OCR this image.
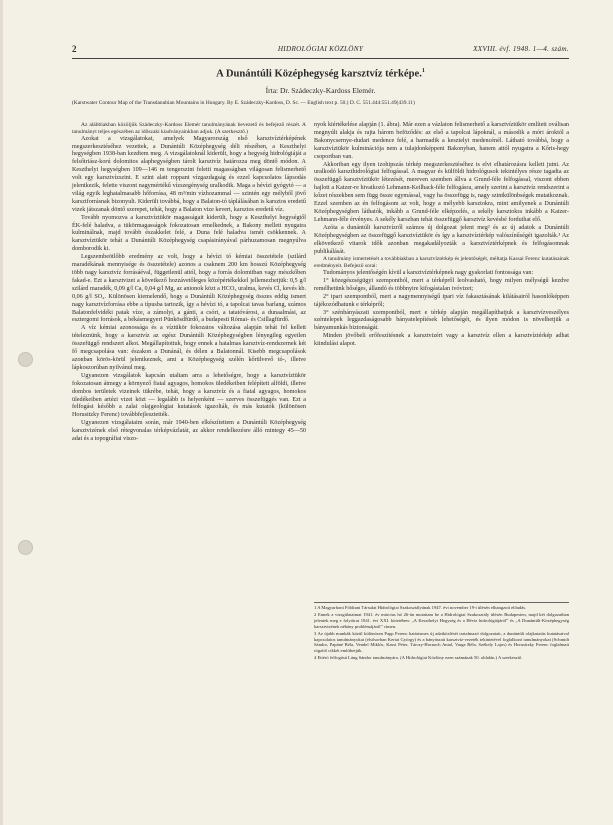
2	HIDROLÓGIAI KÖZLÖNY	XXVIII. évf. 1948. 1—4. szám.
A Dunántúli Középhegység karsztvíz térképe.$^1$
Írta: Dr. Szádeczky-Kardoss Elemér.
(Karstwater Contour Map of the Transdanubian Mountains in Hungary. By E. Szádeczky-Kardoss, D. Sc. — English text p. 50.) D. C. 551.444:551.49(439.11)

Az alábbiakban közöljük Szádeczky-Kardoss Elemér tanulmányának bevezető és befejező részét. A tanulmányt teljes egészében az időszaki kiadványainkban adjuk. (A szerkesztő.)

Azokat a vizsgálatokat, amelyek Magyarország első karsztvíztérképének megszerkesztéséhez vezettek, a Dunántúli Középhegység déli részében, a Keszthelyi hegységben 1938-ban kezdtem meg. A vizsgálatoknál kiderült, hogy a hegység hidrológiáját a felsőtriász-korú dolomitos alaphegységben tárolt karsztvíz határozza meg döntő módon. A Keszthelyi hegységben 109—146 m tengerszint feletti magasságban világosan felismerhető volt egy karsztvízszint. E szint alatt roppant vízgazdagság és ezzel kapcsolatos lápsodás jelentkezik, felette viszont nagymértékű vízszegénység uralkodik. Maga a hévízi gyógytó — a világ egyik leghatalmasabb hőforrása, 48 m³/min vízhozammal — szintén egy mélyből jövő karsztforrásnak bizonyult. Kiderült továbbá, hogy a Balaton-tó táplálásában is karsztos eredetű vizek játszanak döntő szerepet, tehát, hogy a Balaton vize kevert, karsztos eredetű víz.

Tovább nyomozva a karsztvíztükör magasságait kiderült, hogy a Keszthelyi hegységtől ÉK-felé haladva, a tükörmagasságok fokozatosan emelkednek, a Bakony mellett nyugatra kulminálnak, majd tovább északkelet felé, a Duna felé haladva ismét csökkennek. A karsztvíztükör tehát a Dunántúli Középhegység csapásirányával párhuzamosan megnyúlva domborodik ki.

Legszembeötlőbb eredmény az volt, hogy a hévízi tó kémiai összetétele (szilárd maradékának mennyisége és összetétele) azonos a csaknem 200 km hosszú Középhegység több nagy karsztvíz forrásáéval, függetlenül attól, hogy a forrás dolomitban vagy mészkőben fakad-e. Ezt a karsztvizet a következő hozzávetőleges középértékekkel jellemezhetjük: 0,5 g/l szilárd maradék, 0,09 g/l Ca, 0,04 g/l Mg, az anionok közt a HCO₃ uralma, kevés Cl, kevés kb. 0,06 g/l SO₄. Különösen kiemelendő, hogy a Dunántúli Középhegység összes eddig ismert nagy karsztvízforrása ebbe a típusba tartozik, így a hévízi tó, a tapolcai tavas barlang, számos Balatonfelvidéki patak víze, a zámolyi, a gánti, a csóri, a tatatóvárosi, a dunaalmási, az esztergomi források, a békásmegyeri Pünkösdfürdő, a budapesti Római- és Csillagfürdő.

A víz kémiai azonossága és a víztükör fokozatos változása alapján tehát fel kellett tételeznünk, hogy a karsztvíz az egész Dunántúli Középhegységben lényegileg egyetlen összefüggő rendszert alkot. Megállapítottuk, hogy ennek a hatalmas karsztvíz-rendszernek két fő megcsapolása van: északon a Dunánál, és délen a Balatonnál. Kisebb megcsapolások azonban körös-körül jelentkeznek, ami a Középhegység szélén kőrülvevő tó-, illetve lápkoszorúban nyilvánul meg.

Ugyanezen vizsgálatok kapcsán utaltam arra a lehetőségre, hogy a karsztvíztükör fokozatosan átmegy a környező fiatal agyagos, homokos üledékeiben felépített alföldi, illetve dombos területek vizeinek tükrébe, tehát, hogy a karsztvíz és a fiatal agyagos, homokos üledékeiben artézi vizei közt — legalább is helyenként — szerves összefüggés van. Ezt a felfogást később a zalai olajgeológiai kutatások igazolták, és más kutatók (különösen Horusitzky Ferenc) továbbfejlesztették.

Ugyanezen vizsgálataim során, már 1940-ben elkészítettem a Dunántúli Középhegység karsztvizének első rétegvonalas térképvázlatát, az akkor rendelkezésre álló mintegy 45—50 adat és a topográfiai viszo-

nyok kiértékelése alapján (1. ábra). Már ezen a vázlaton felismerhető a karsztvíztükör említett oválisan megnyúlt alakja és rajta három beföződés: az első a tapolcai lápoknál, a második a móri ároktól a Bakonycsernye-dudari medence felé, a harmadik a kesztelyi medencénél. Látható továbbá, hogy a karsztvíztükör kulminációja nem a tulajdonképpeni Bakonyban, hanem attól nyugatra a Kőris-hegy csoportban van.

Akkoriban egy ilyen izohipszás térkép megszerkesztéséhez is elvi elhatározásra kellett jutni. Az uralkodó karszthidrológiai felfogással. A magyar és külföldi hidrológusok tekintélyes része tagadta az összefüggő karsztvíztükör létezését, mereven szemben állva a Grund-féle felfogással, viszont ebben hajlott a Katzer-re hivatkozó Lehmann-Keilhack-féle felfogásra, amely szerint a karsztvíz rendszerint a kőzet részekben sem függ össze egymással, vagy ha összefügg is, nagy szintkülönbségek mutatkoznak. Ezzel szemben az én felfogásom az volt, hogy a mélyebb karsztokra, mint amilyenek a Dunántúli Középhegységben láthatók, inkább a Grund-féle elképzelés, a sekély karsztokra inkább a Katzer-Lehmann-féle érvényes. A sekély karszban tehát összefüggő karsztvíz kevésbé forduihat elő.

Azóta a dunántúli karsztvízről számos új dolgozat jelent meg² és az új adatok a Dunántúli Középhegységben az összefüggő karsztvíztükör és így a karsztvíztérkép valószínűségét igazolták.³ Az elkövetkező vitarok idők azonban megakadályozták a karsztvíztérképnek és felfogásomnak publikálását.

A tanulmány ismertetését a továbbiakban a karsztvíztérkép és jelentőségét, méltatja Kassai Ferenc kutatásainak eredményeit. Befejező sorai:

Tudományos jelentőségén kívül a karsztvíztérképnek nagy gyakorlati fontossága van:

1° közegészségügyi szempontból, mert a térképről leolvasható, hogy milyen mélységű kezdve remélhetünk bőséges, állandó és többnyire kifogástalan ivóvizet;

2° ipari szempontból, mert a nagymennyiségű ipari víz fakasztásának kilátásairól hasonlóképpen tájékozódhatunk e térképről;

3° szénbányászati szempontból, mert e térkép alapján megállapíthatjuk a karsztvízveszélyes széntelepek leggazdaságosabb bányatelepítések lehetőségét, és ilyen módon is növelhetjük a bányamunkás biztonságát.

Minden jövőbeli erőfeszítésnek a karsztvizért vagy a karsztvíz ellen a karsztvíztérkép adhat kiindulási alapot.

1 A Magyarhoni Földtani Társulat Hidrológiai Szakosztályának 1947. évi november 19-i ülésén elhangzott előadás.

2 Ennek a vizsgálataimat 1941. év március hó 26-án mutattam be a Hidrológiai Szakosztály ülésén Budapesten, majd két dolgozatban jelentek meg e folyóirat 1941. évi XXI. kötetében: „A Keszthelyi Hegység és a Hévíz hidrológiájáról” és „A Dunántúli-Középhegység karsztvizének néhány problémájáról” címen.

3 Az újabb munkák közül különösen Papp Ferenc határismes új adatközlését tartalmazó dolgozatait, a dunántúli olajkutatás kutatásaival kapcsolatos tanulmányokat (elsősorban Kertai György) és a bányászati karsztvíz-vezeték tekintetével foglalkozó tanulmányokat (Schmidt Sándor, Papáné Béla, Vendel Miklós, Kassi Péter, Tárczy-Hornoch Antal, Varga Béla, Székely Lajos) és Horusitzky Ferenc foglalmait rögzítő cikkét említhetjük.

4 Ettéró felfogású Láng Sándor tanulmányára. (A Hidrológiai Közlöny ezen számának 50. oldalán.) A szerkesztő.
